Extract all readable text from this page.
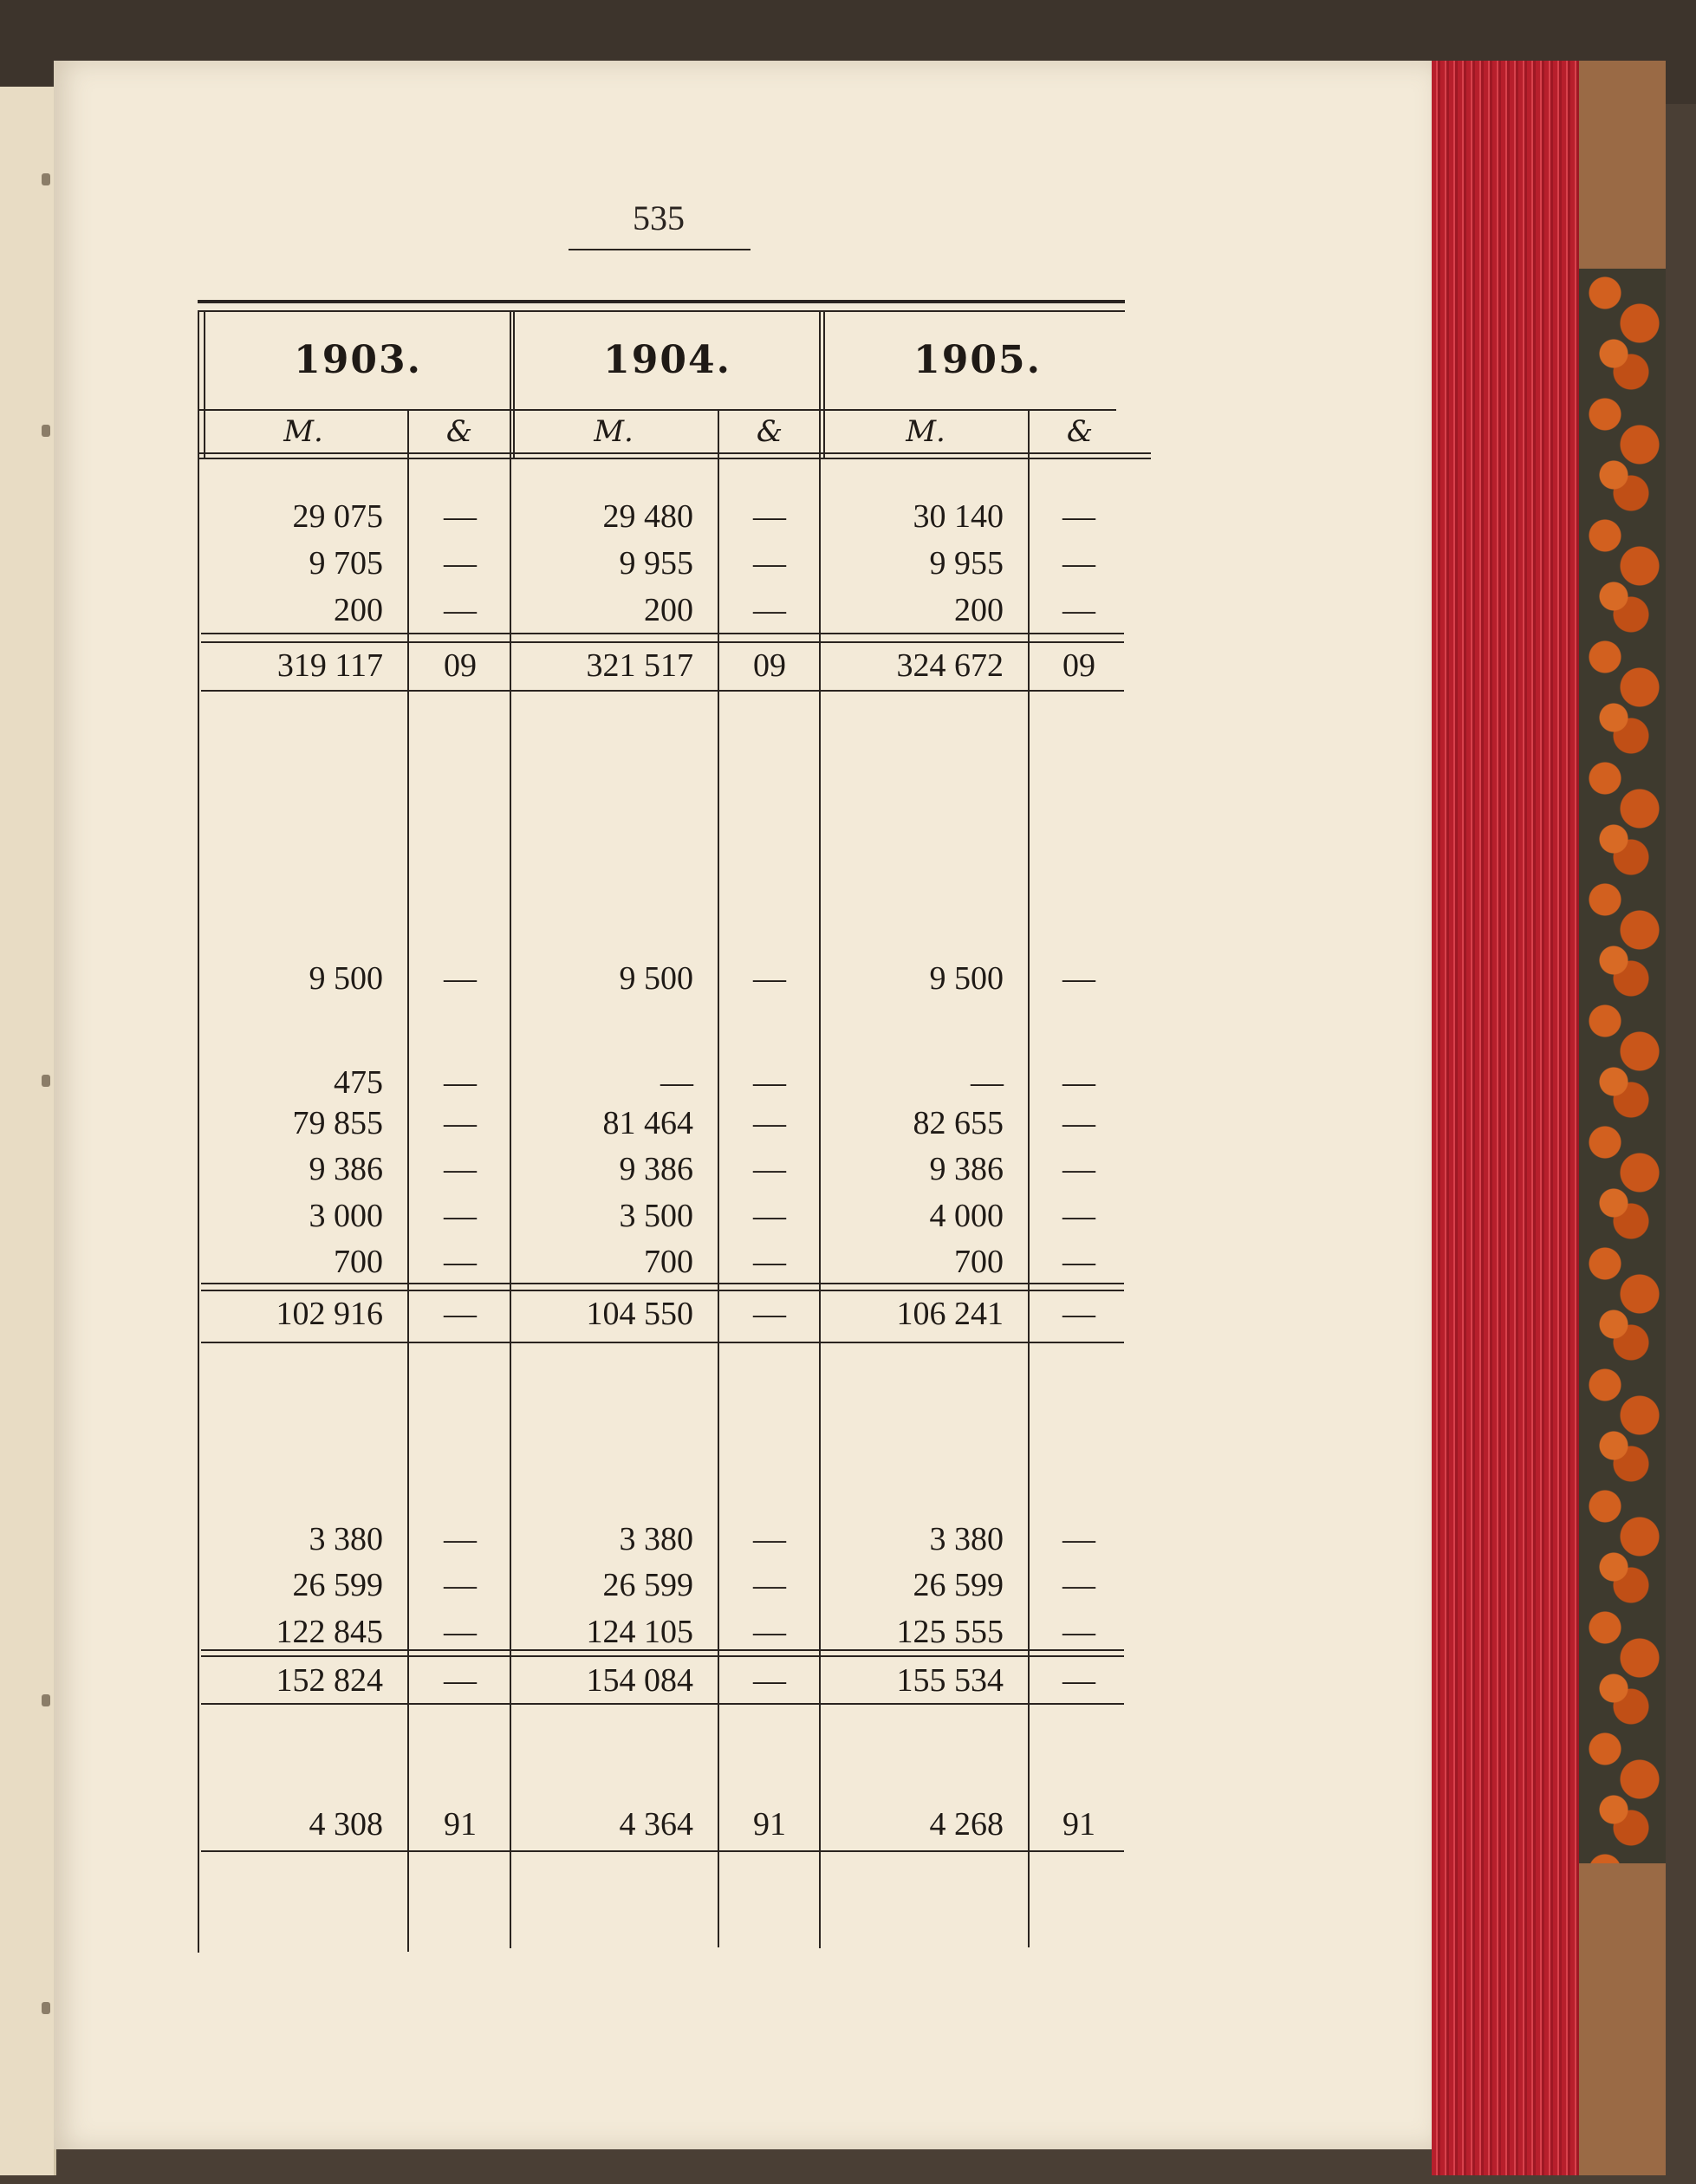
535
1903.	1904.	1905.
M.	&	M.	&	M.	&
29 075	—	29 480	—	30 140	—
9 705	—	9 955	—	9 955	—
200	—	200	—	200	—
319 117	09	321 517	09	324 672	09
9 500	—	9 500	—	9 500	—
475	—	—	—	—	—
79 855	—	81 464	—	82 655	—
9 386	—	9 386	—	9 386	—
3 000	—	3 500	—	4 000	—
700	—	700	—	700	—
102 916	—	104 550	—	106 241	—
3 380	—	3 380	—	3 380	—
26 599	—	26 599	—	26 599	—
122 845	—	124 105	—	125 555	—
152 824	—	154 084	—	155 534	—
4 308	91	4 364	91	4 268	91
